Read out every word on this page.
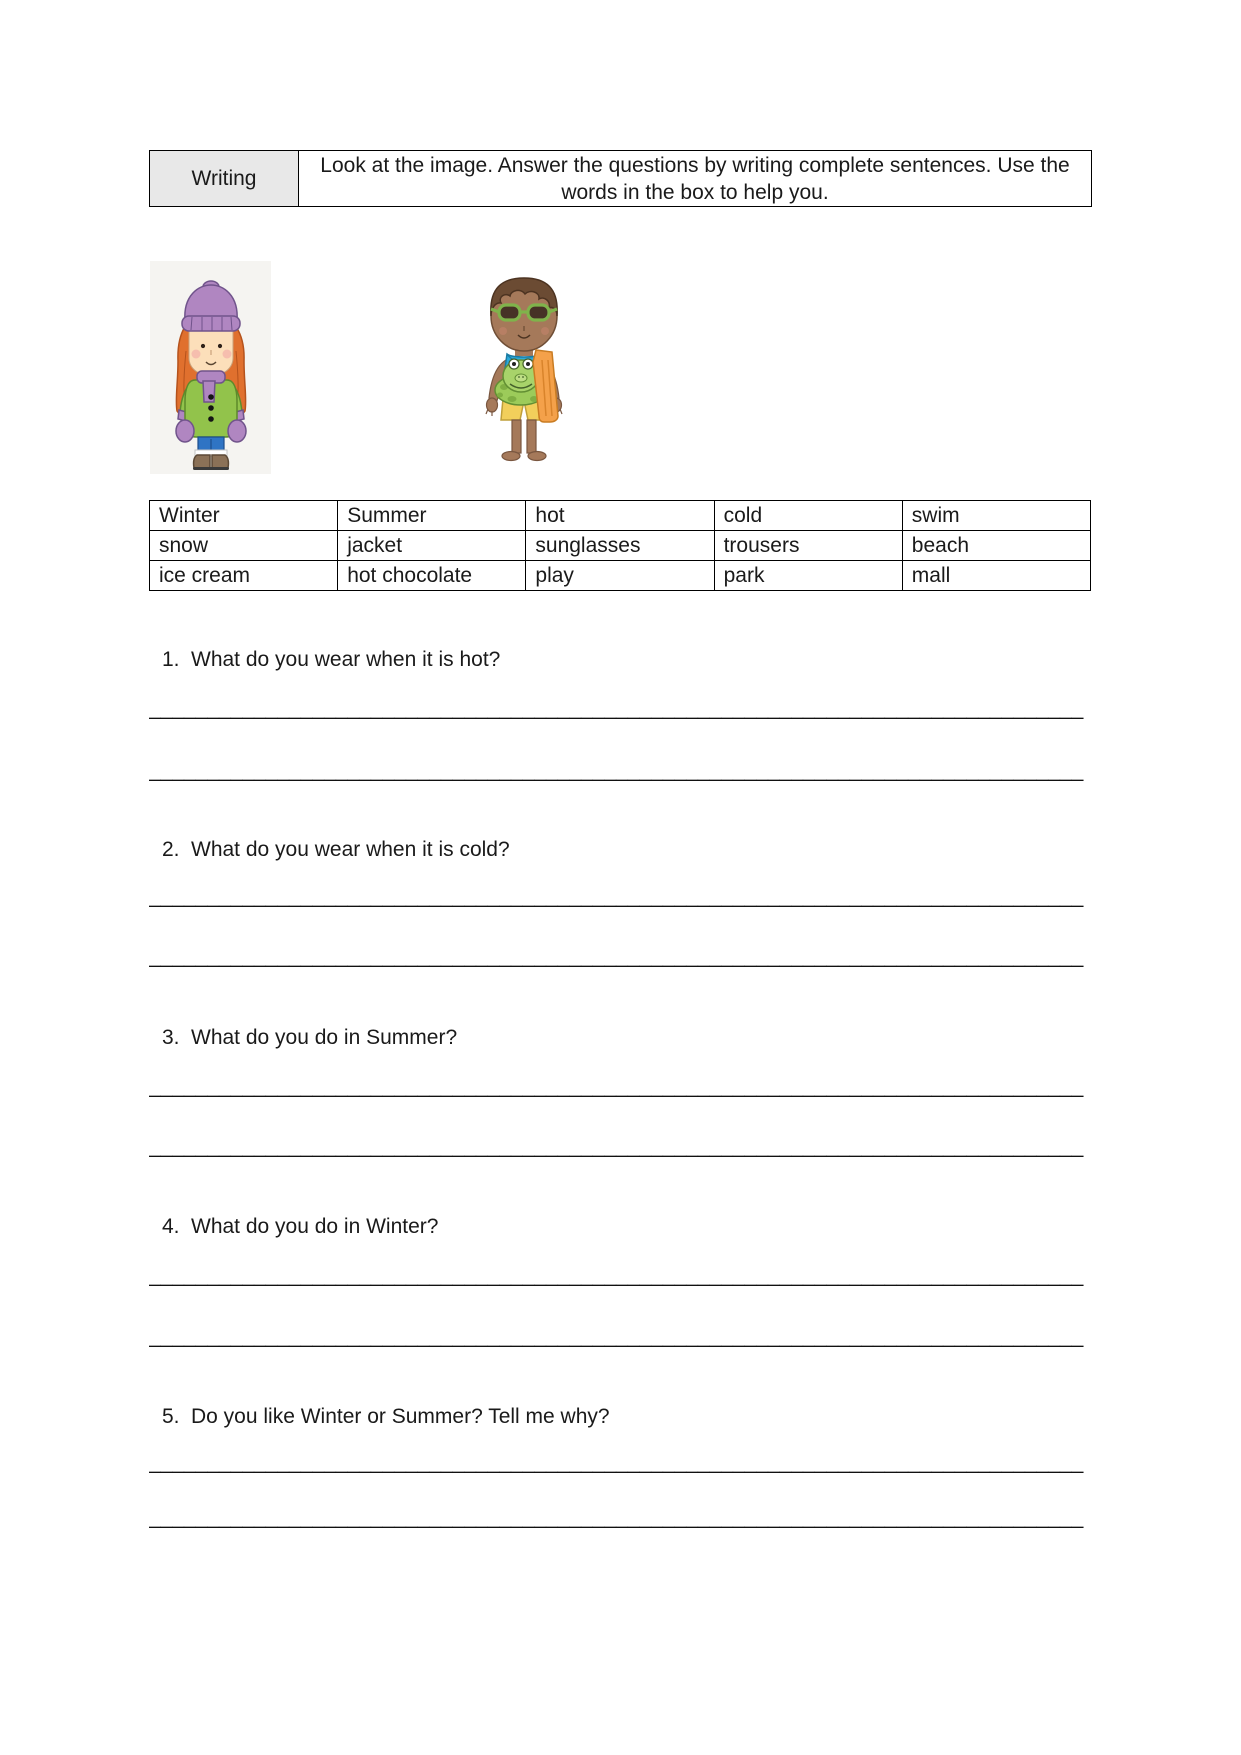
Writing
Look at the image. Answer the questions by writing complete sentences. Use the words in the box to help you.
Winter	Summer	hot	cold	swim
snow	jacket	sunglasses	trousers	beach
ice cream	hot chocolate	play	park	mall
1. What do you wear when it is hot?
________________________________________________________________________________
________________________________________________________________________________
2. What do you wear when it is cold?
________________________________________________________________________________
________________________________________________________________________________
3. What do you do in Summer?
________________________________________________________________________________
________________________________________________________________________________
4. What do you do in Winter?
________________________________________________________________________________
________________________________________________________________________________
5. Do you like Winter or Summer? Tell me why?
________________________________________________________________________________
________________________________________________________________________________
